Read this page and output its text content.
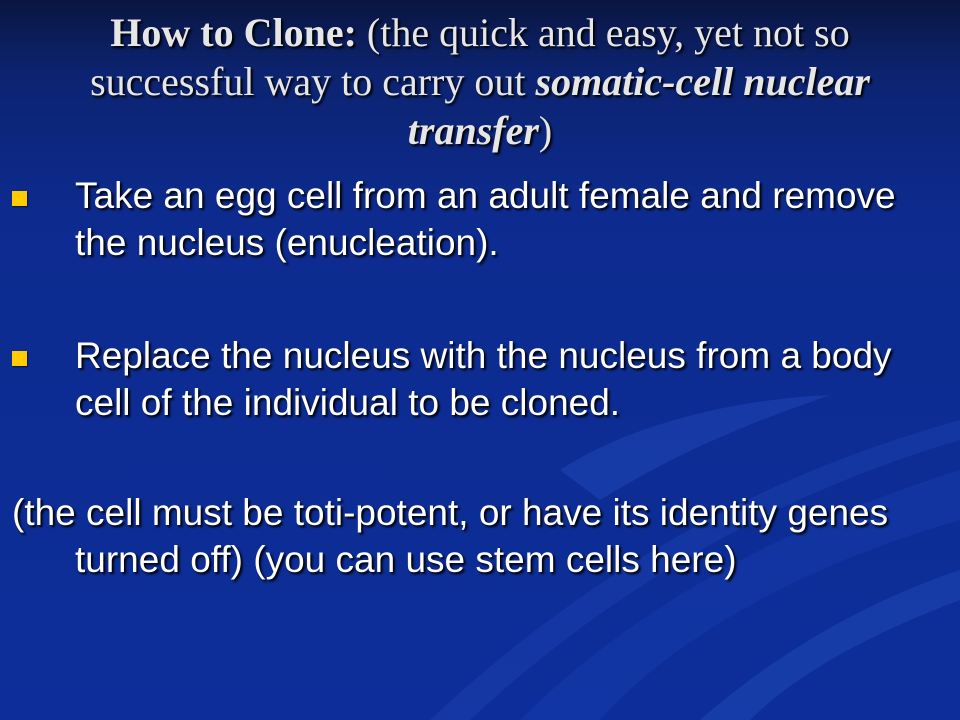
How to Clone: (the quick and easy, yet not so successful way to carry out somatic-cell nuclear transfer)
Take an egg cell from an adult female and remove the nucleus (enucleation).
Replace the nucleus with the nucleus from a body cell of the individual to be cloned.
(the cell must be toti-potent, or have its identity genes turned off) (you can use stem cells here)
